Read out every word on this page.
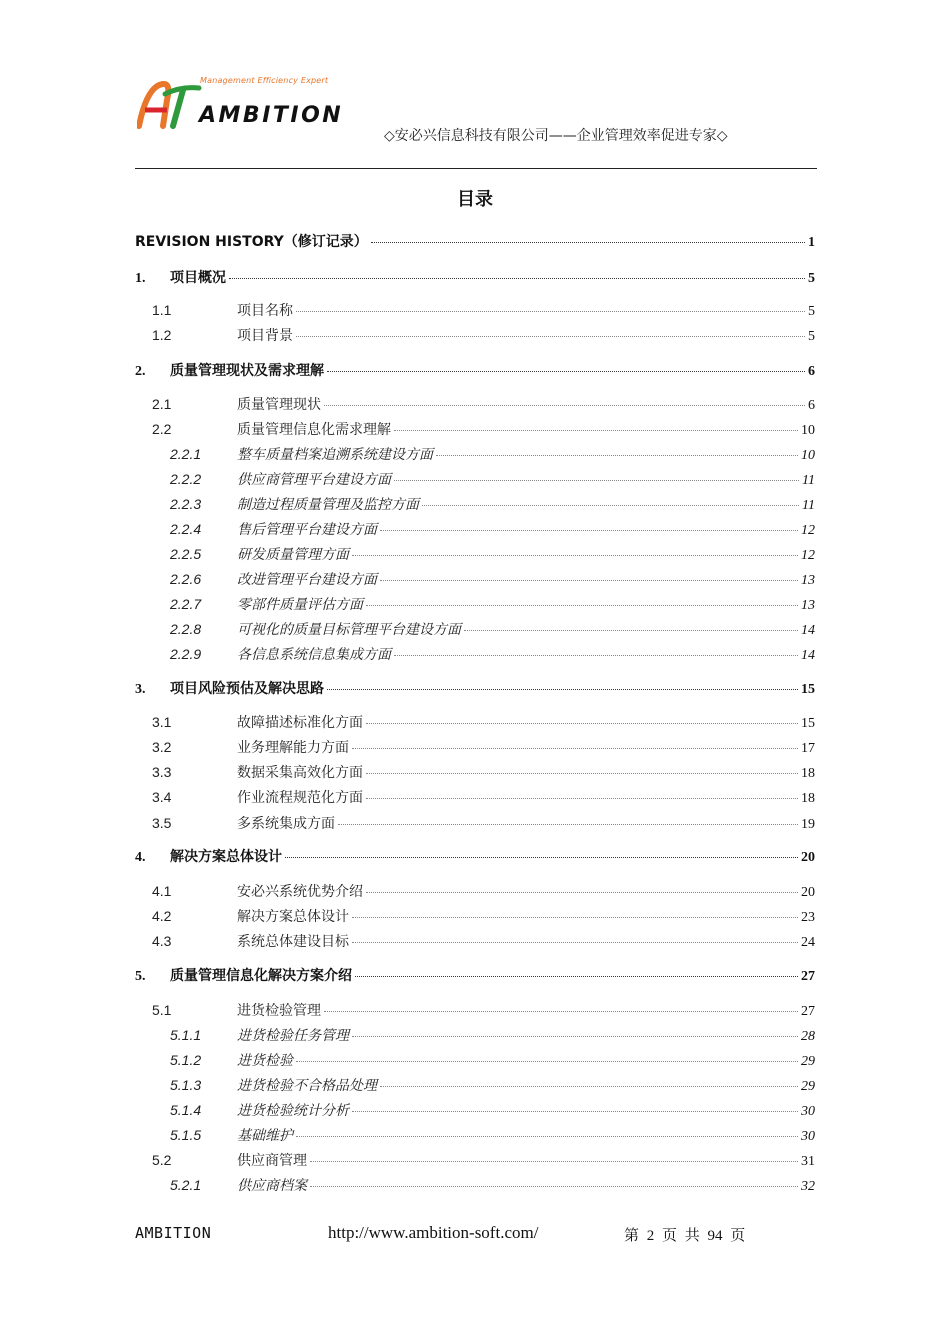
Management Efficiency Expert
AMBITION
◇安必兴信息科技有限公司——企业管理效率促进专家◇
目录
REVISION HISTORY（修订记录）	1
1.	项目概况	5
1.1	项目名称	5
1.2	项目背景	5
2.	质量管理现状及需求理解	6
2.1	质量管理现状	6
2.2	质量管理信息化需求理解	10
2.2.1	整车质量档案追溯系统建设方面	10
2.2.2	供应商管理平台建设方面	11
2.2.3	制造过程质量管理及监控方面	11
2.2.4	售后管理平台建设方面	12
2.2.5	研发质量管理方面	12
2.2.6	改进管理平台建设方面	13
2.2.7	零部件质量评估方面	13
2.2.8	可视化的质量目标管理平台建设方面	14
2.2.9	各信息系统信息集成方面	14
3.	项目风险预估及解决思路	15
3.1	故障描述标准化方面	15
3.2	业务理解能力方面	17
3.3	数据采集高效化方面	18
3.4	作业流程规范化方面	18
3.5	多系统集成方面	19
4.	解决方案总体设计	20
4.1	安必兴系统优势介绍	20
4.2	解决方案总体设计	23
4.3	系统总体建设目标	24
5.	质量管理信息化解决方案介绍	27
5.1	进货检验管理	27
5.1.1	进货检验任务管理	28
5.1.2	进货检验	29
5.1.3	进货检验不合格品处理	29
5.1.4	进货检验统计分析	30
5.1.5	基础维护	30
5.2	供应商管理	31
5.2.1	供应商档案	32
AMBITION	http://www.ambition-soft.com/	第 2 页 共 94 页
